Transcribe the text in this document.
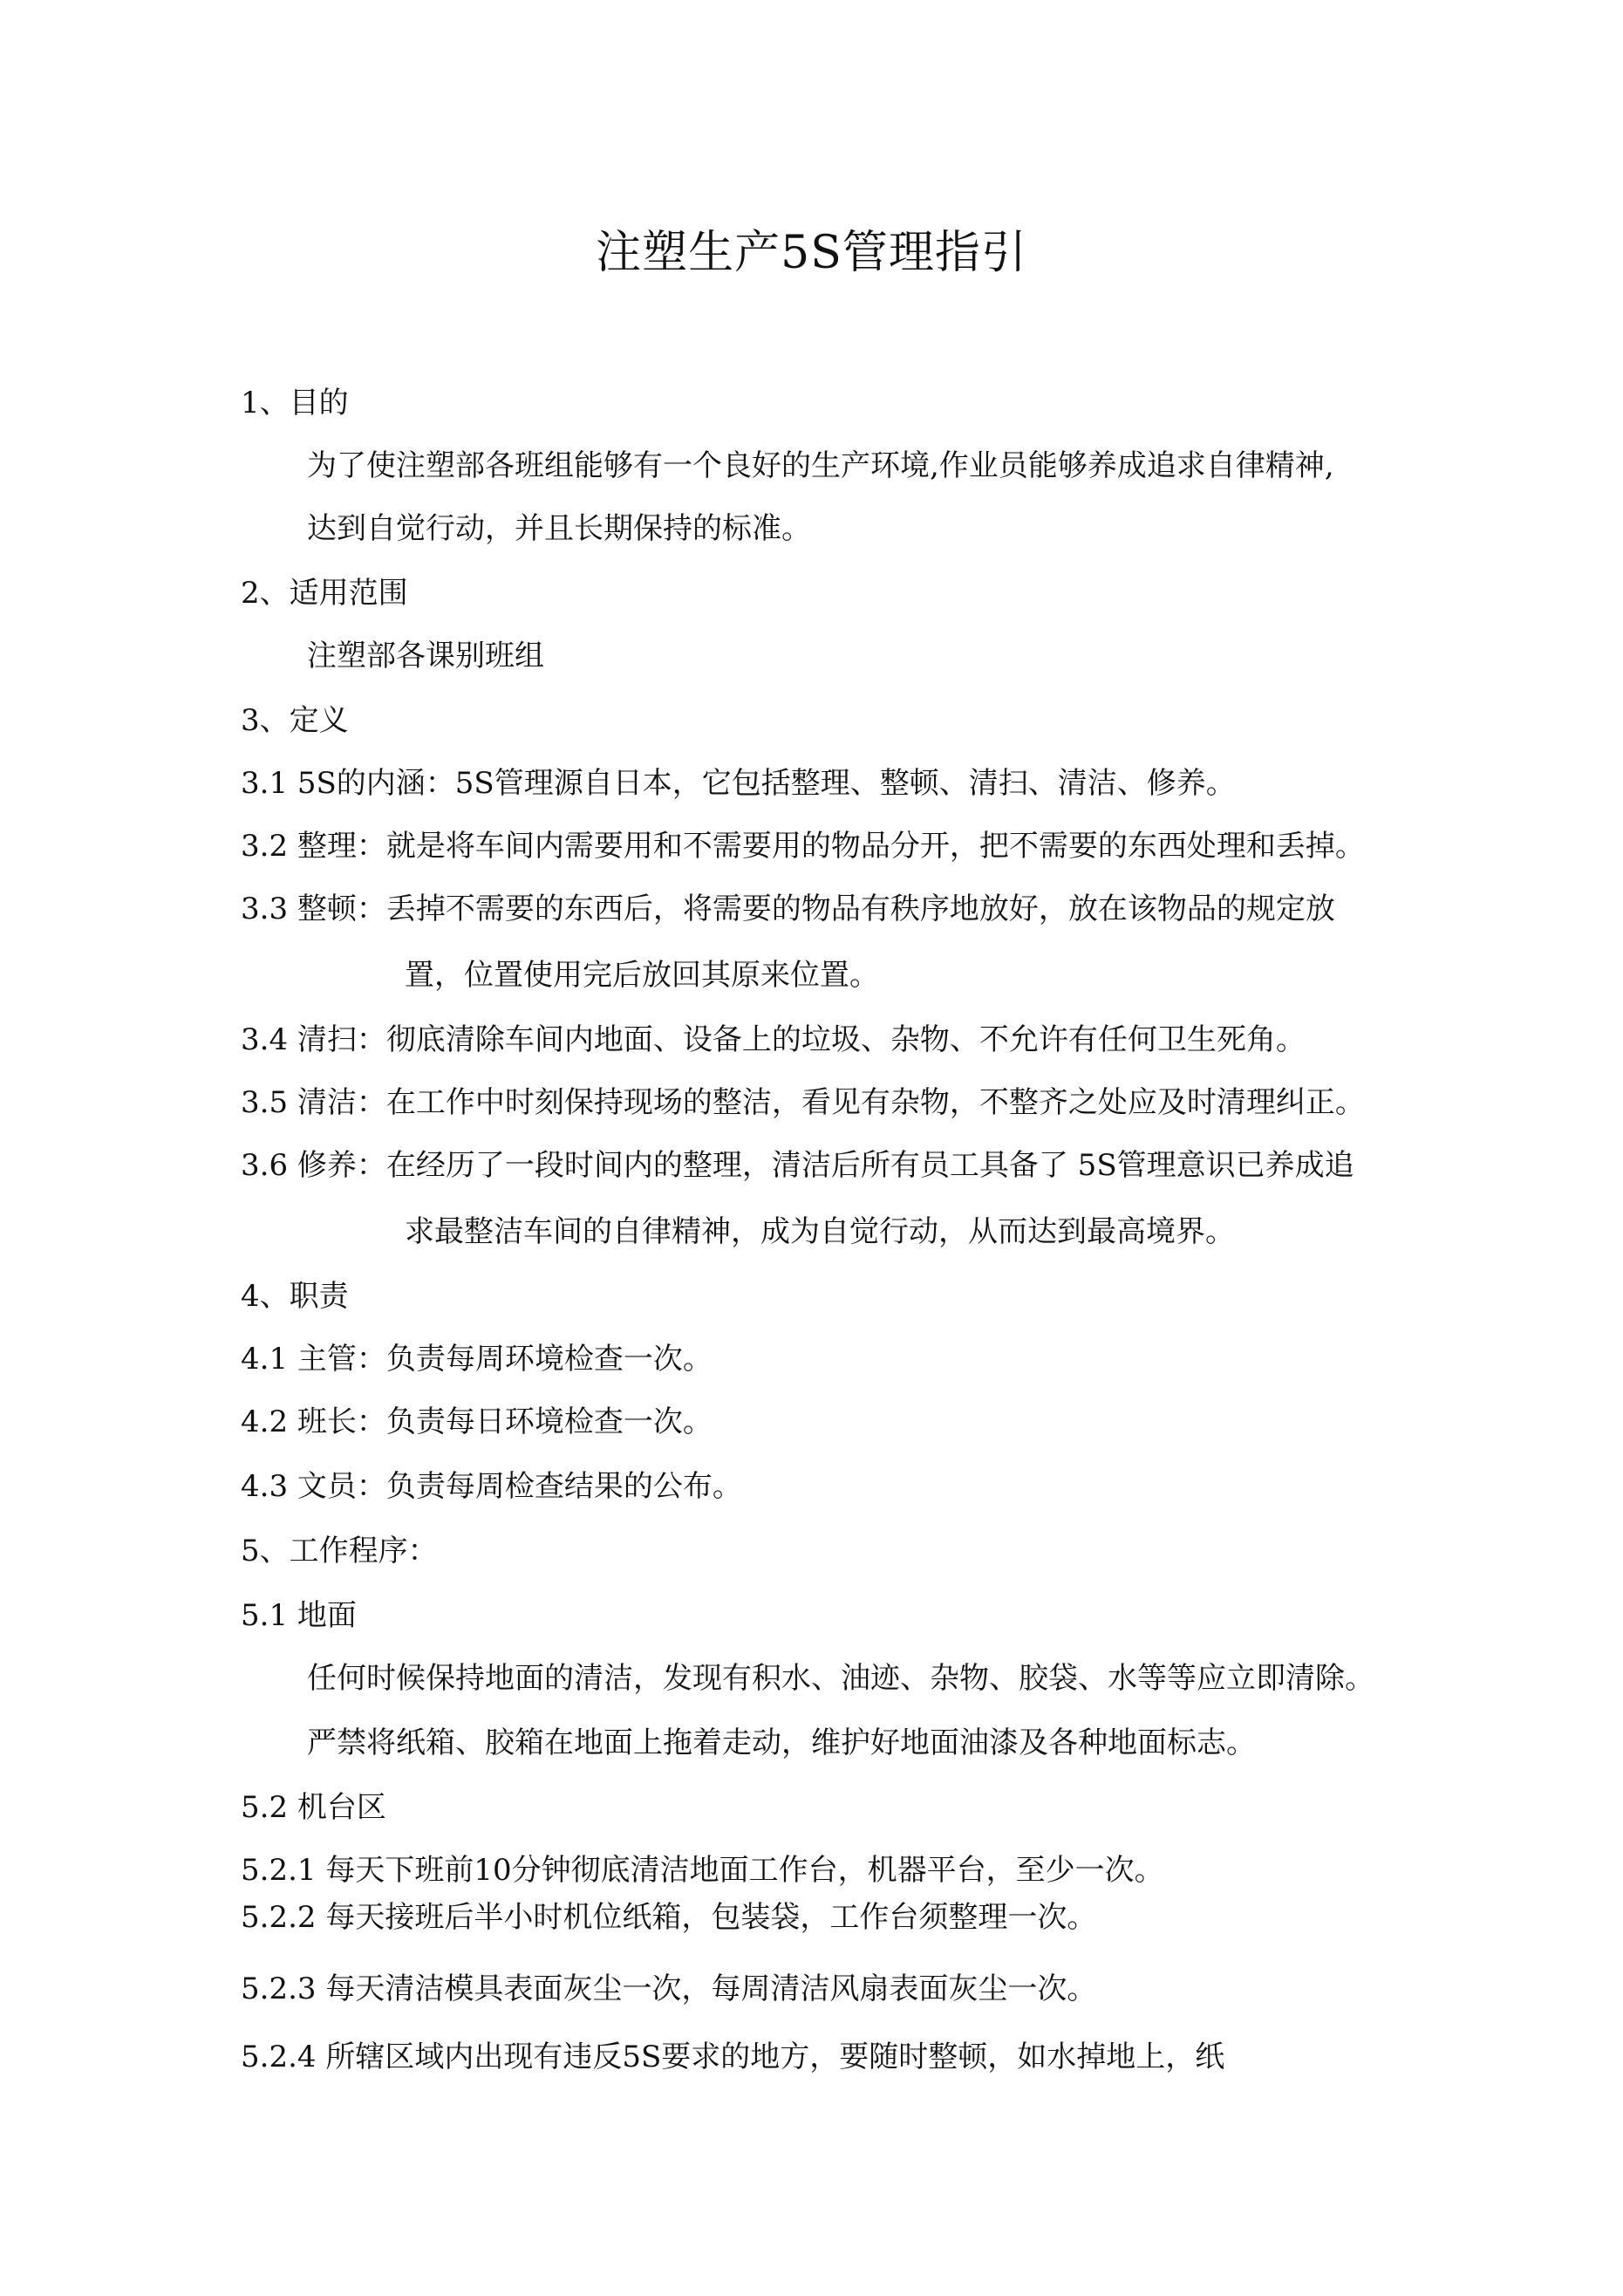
注塑生产5S管理指引
1、目的
为了使注塑部各班组能够有一个良好的生产环境,作业员能够养成追求自律精神,
达到自觉行动，并且长期保持的标准。
2、适用范围
注塑部各课别班组
3、定义
3.1 5S的内涵：5S管理源自日本，它包括整理、整顿、清扫、清洁、修养。
3.2 整理：就是将车间内需要用和不需要用的物品分开，把不需要的东西处理和丢掉。
3.3 整顿：丢掉不需要的东西后，将需要的物品有秩序地放好，放在该物品的规定放
置，位置使用完后放回其原来位置。
3.4 清扫：彻底清除车间内地面、设备上的垃圾、杂物、不允许有任何卫生死角。
3.5 清洁：在工作中时刻保持现场的整洁，看见有杂物，不整齐之处应及时清理纠正。
3.6 修养：在经历了一段时间内的整理，清洁后所有员工具备了 5S管理意识已养成追
求最整洁车间的自律精神，成为自觉行动，从而达到最高境界。
4、职责
4.1 主管：负责每周环境检查一次。
4.2 班长：负责每日环境检查一次。
4.3 文员：负责每周检查结果的公布。
5、工作程序：
5.1 地面
任何时候保持地面的清洁，发现有积水、油迹、杂物、胶袋、水等等应立即清除。
严禁将纸箱、胶箱在地面上拖着走动，维护好地面油漆及各种地面标志。
5.2 机台区
5.2.1 每天下班前10分钟彻底清洁地面工作台，机器平台，至少一次。
5.2.2 每天接班后半小时机位纸箱，包装袋，工作台须整理一次。
5.2.3 每天清洁模具表面灰尘一次，每周清洁风扇表面灰尘一次。
5.2.4 所辖区域内出现有违反5S要求的地方，要随时整顿，如水掉地上，纸
